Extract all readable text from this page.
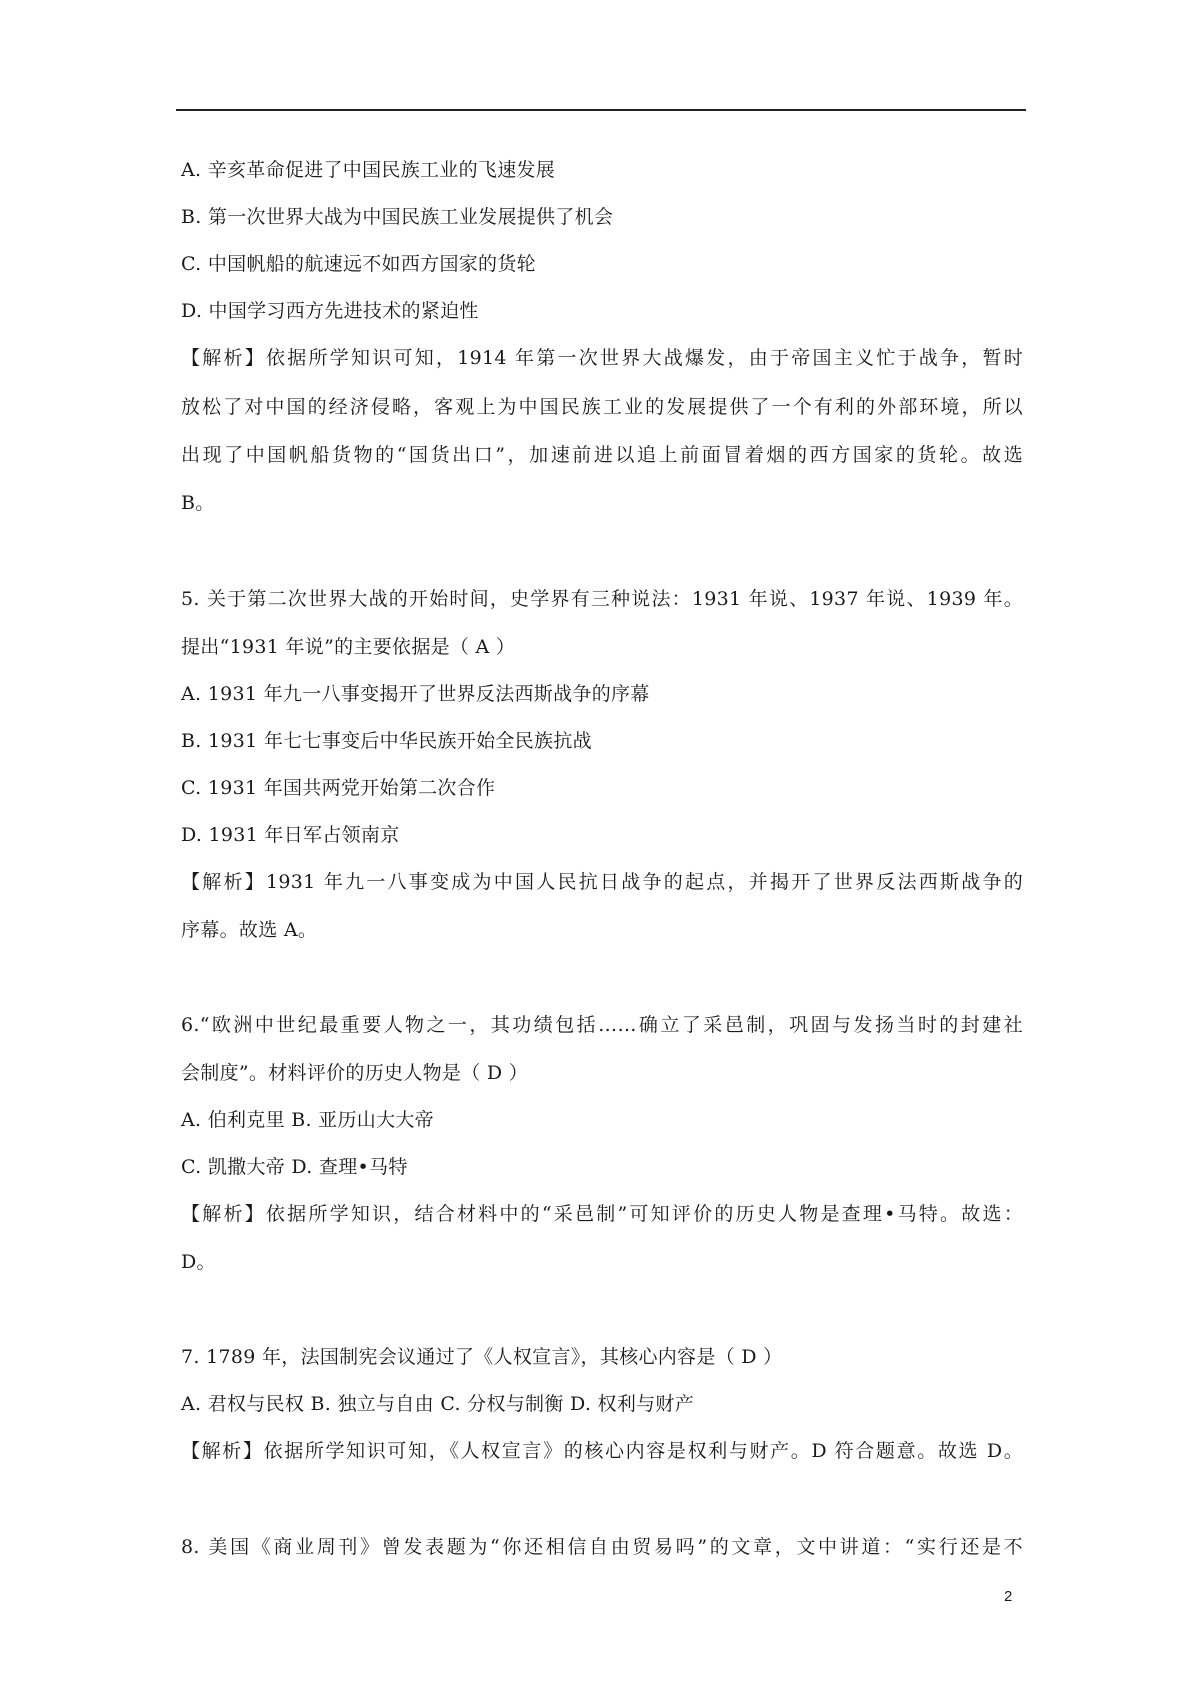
A. 辛亥革命促进了中国民族工业的飞速发展
B. 第一次世界大战为中国民族工业发展提供了机会
C. 中国帆船的航速远不如西方国家的货轮
D. 中国学习西方先进技术的紧迫性
【解析】依据所学知识可知，1914 年第一次世界大战爆发，由于帝国主义忙于战争，暂时
放松了对中国的经济侵略，客观上为中国民族工业的发展提供了一个有利的外部环境，所以
出现了中国帆船货物的“国货出口”，加速前进以追上前面冒着烟的西方国家的货轮。故选
B。
5. 关于第二次世界大战的开始时间，史学界有三种说法：1931 年说、1937 年说、1939 年。
提出“1931 年说”的主要依据是（ A ）
A. 1931 年九一八事变揭开了世界反法西斯战争的序幕
B. 1931 年七七事变后中华民族开始全民族抗战
C. 1931 年国共两党开始第二次合作
D. 1931 年日军占领南京
【解析】1931 年九一八事变成为中国人民抗日战争的起点，并揭开了世界反法西斯战争的
序幕。故选 A。
6.“欧洲中世纪最重要人物之一，其功绩包括……确立了采邑制，巩固与发扬当时的封建社
会制度”。材料评价的历史人物是（ D ）
A. 伯利克里 B. 亚历山大大帝
C. 凯撒大帝 D. 查理•马特
【解析】依据所学知识，结合材料中的“采邑制”可知评价的历史人物是查理•马特。故选：
D。
7. 1789 年，法国制宪会议通过了《人权宣言》，其核心内容是（ D ）
A. 君权与民权 B. 独立与自由 C. 分权与制衡 D. 权利与财产
【解析】依据所学知识可知，《人权宣言》的核心内容是权利与财产。D 符合题意。故选 D。
8. 美国《商业周刊》曾发表题为“你还相信自由贸易吗”的文章，文中讲道：“实行还是不
2
